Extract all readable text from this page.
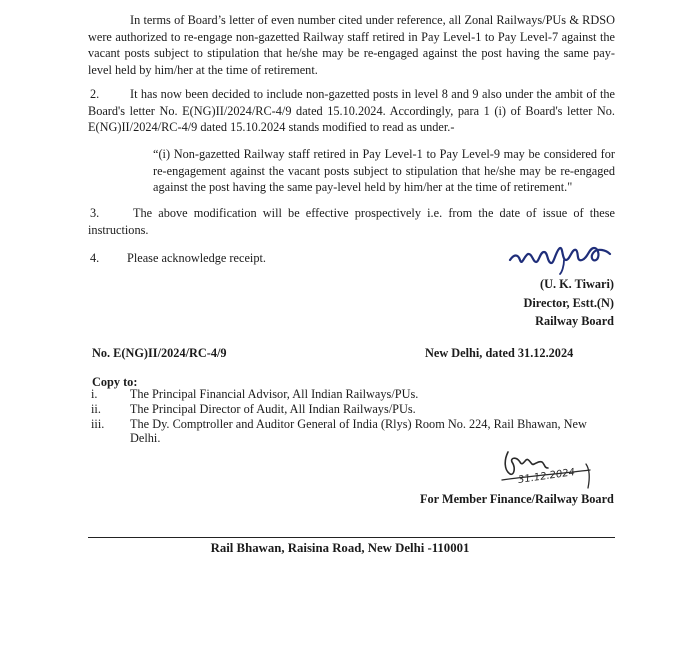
In terms of Board’s letter of even number cited under reference, all Zonal Railways/PUs & RDSO were authorized to re-engage non-gazetted Railway staff retired in Pay Level-1 to Pay Level-7 against the vacant posts subject to stipulation that he/she may be re-engaged against the post having the same pay-level held by him/her at the time of retirement.

2.	It has now been decided to include non-gazetted posts in level 8 and 9 also under the ambit of the Board's letter No. E(NG)II/2024/RC-4/9 dated 15.10.2024. Accordingly, para 1 (i) of Board's letter No. E(NG)II/2024/RC-4/9 dated 15.10.2024 stands modified to read as under.-

“(i) Non-gazetted Railway staff retired in Pay Level-1 to Pay Level-9 may be considered for re-engagement against the vacant posts subject to stipulation that he/she may be re-engaged against the post having the same pay-level held by him/her at the time of retirement."

3.	The above modification will be effective prospectively i.e. from the date of issue of these instructions.

4. Please acknowledge receipt.

(U. K. Tiwari)
Director, Estt.(N)
Railway Board

No. E(NG)II/2024/RC-4/9	New Delhi, dated 31.12.2024

Copy to:

i.	The Principal Financial Advisor, All Indian Railways/PUs.
ii.	The Principal Director of Audit, All Indian Railways/PUs.
iii.	The Dy. Comptroller and Auditor General of India (Rlys) Room No. 224, Rail Bhawan, New Delhi.
31.12.2024

For Member Finance/Railway Board

Rail Bhawan, Raisina Road, New Delhi -110001
